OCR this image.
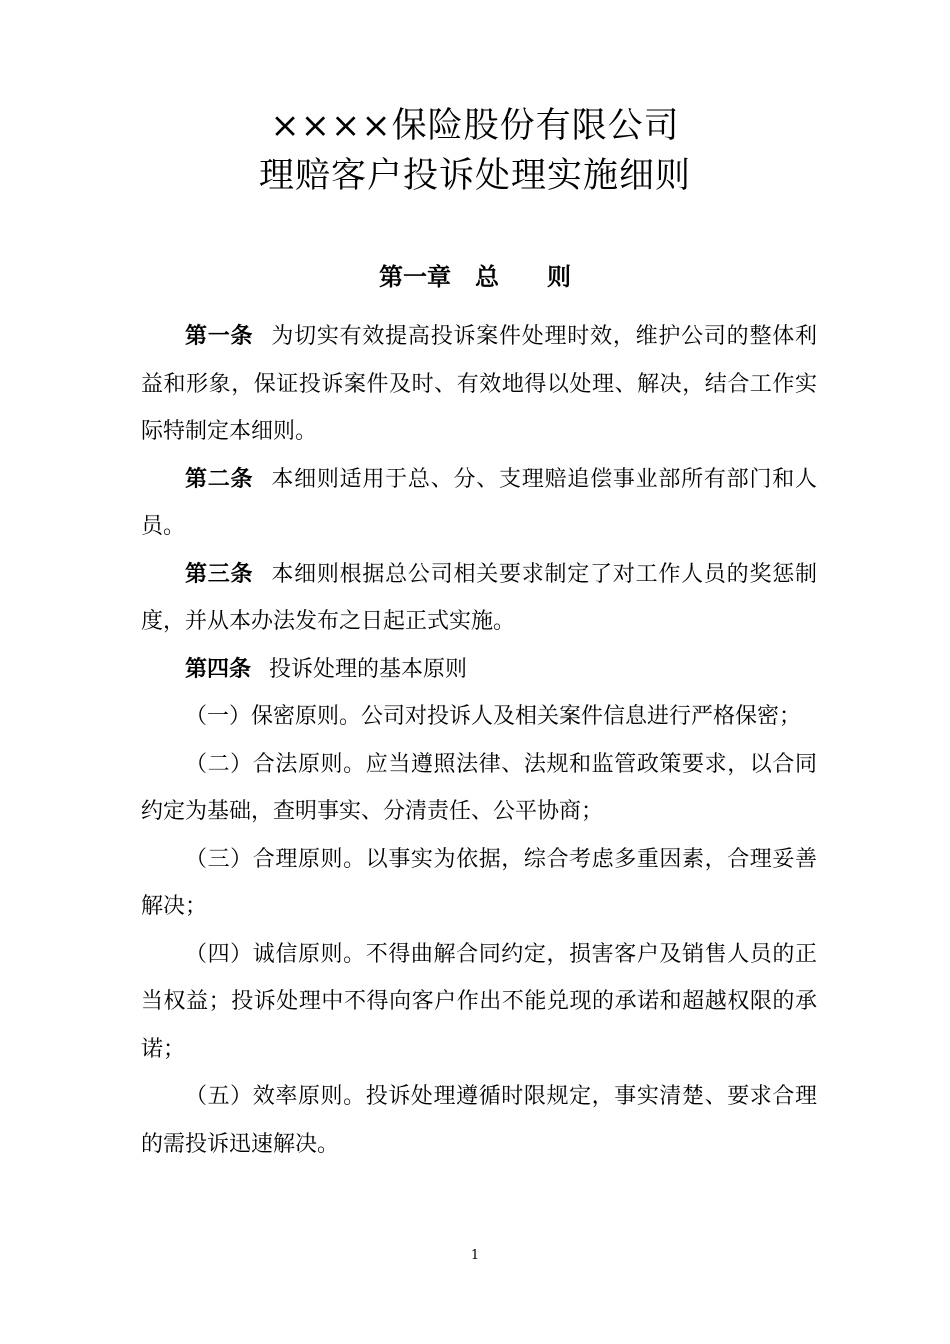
××××保险股份有限公司
理赔客户投诉处理实施细则
第一章　总　　则

第一条 为切实有效提高投诉案件处理时效，维护公司的整体利益和形象，保证投诉案件及时、有效地得以处理、解决，结合工作实际特制定本细则。

第二条 本细则适用于总、分、支理赔追偿事业部所有部门和人员。

第三条 本细则根据总公司相关要求制定了对工作人员的奖惩制度，并从本办法发布之日起正式实施。

第四条 投诉处理的基本原则

（一）保密原则。公司对投诉人及相关案件信息进行严格保密；

（二）合法原则。应当遵照法律、法规和监管政策要求，以合同约定为基础，查明事实、分清责任、公平协商；

（三）合理原则。以事实为依据，综合考虑多重因素，合理妥善解决；

（四）诚信原则。不得曲解合同约定，损害客户及销售人员的正当权益；投诉处理中不得向客户作出不能兑现的承诺和超越权限的承诺；

（五）效率原则。投诉处理遵循时限规定，事实清楚、要求合理的需投诉迅速解决。

1
